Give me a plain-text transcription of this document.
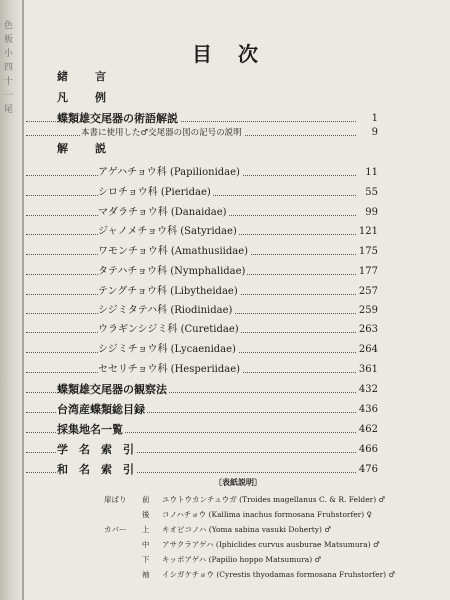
色
板
小
四
十
一
尾
目次
緒　言
凡　例
蝶類雄交尾器の術語解説	1
本書に使用した♂交尾器の図の記号の説明	9
解　説
アゲハチョウ科 (Papilionidae)	11
シロチョウ科 (Pieridae)	55
マダラチョウ科 (Danaidae)	99
ジャノメチョウ科 (Satyridae)	121
ワモンチョウ科 (Amathusiidae)	175
タテハチョウ科 (Nymphalidae)	177
テングチョウ科 (Libytheidae)	257
シジミタテハ科 (Riodinidae)	259
ウラギンシジミ科 (Curetidae)	263
シジミチョウ科 (Lycaenidae)	264
セセリチョウ科 (Hesperiidae)	361
蝶類雄交尾器の観察法	432
台湾産蝶類総目録	436
採集地名一覧	462
学　名　索　引	466
和　名　索　引	476
〔表紙説明〕
扉ばり 前 ユウトウカンチュウガ (Troides magellanus C. & R. Felder) ♂
後 コノハチョウ (Kallima inachus formosana Fruhstorfer) ♀
カバー 上 キオビコノハ (Yoma sabina vasuki Doherty) ♂
中 アサクラアゲハ (Iphiclides curvus ausburae Matsumura) ♂
下 キッポアゲハ (Papilio hoppo Matsumura) ♂
袖 イシガケチョウ (Cyrestis thyodamas formosana Fruhstorfer) ♂
